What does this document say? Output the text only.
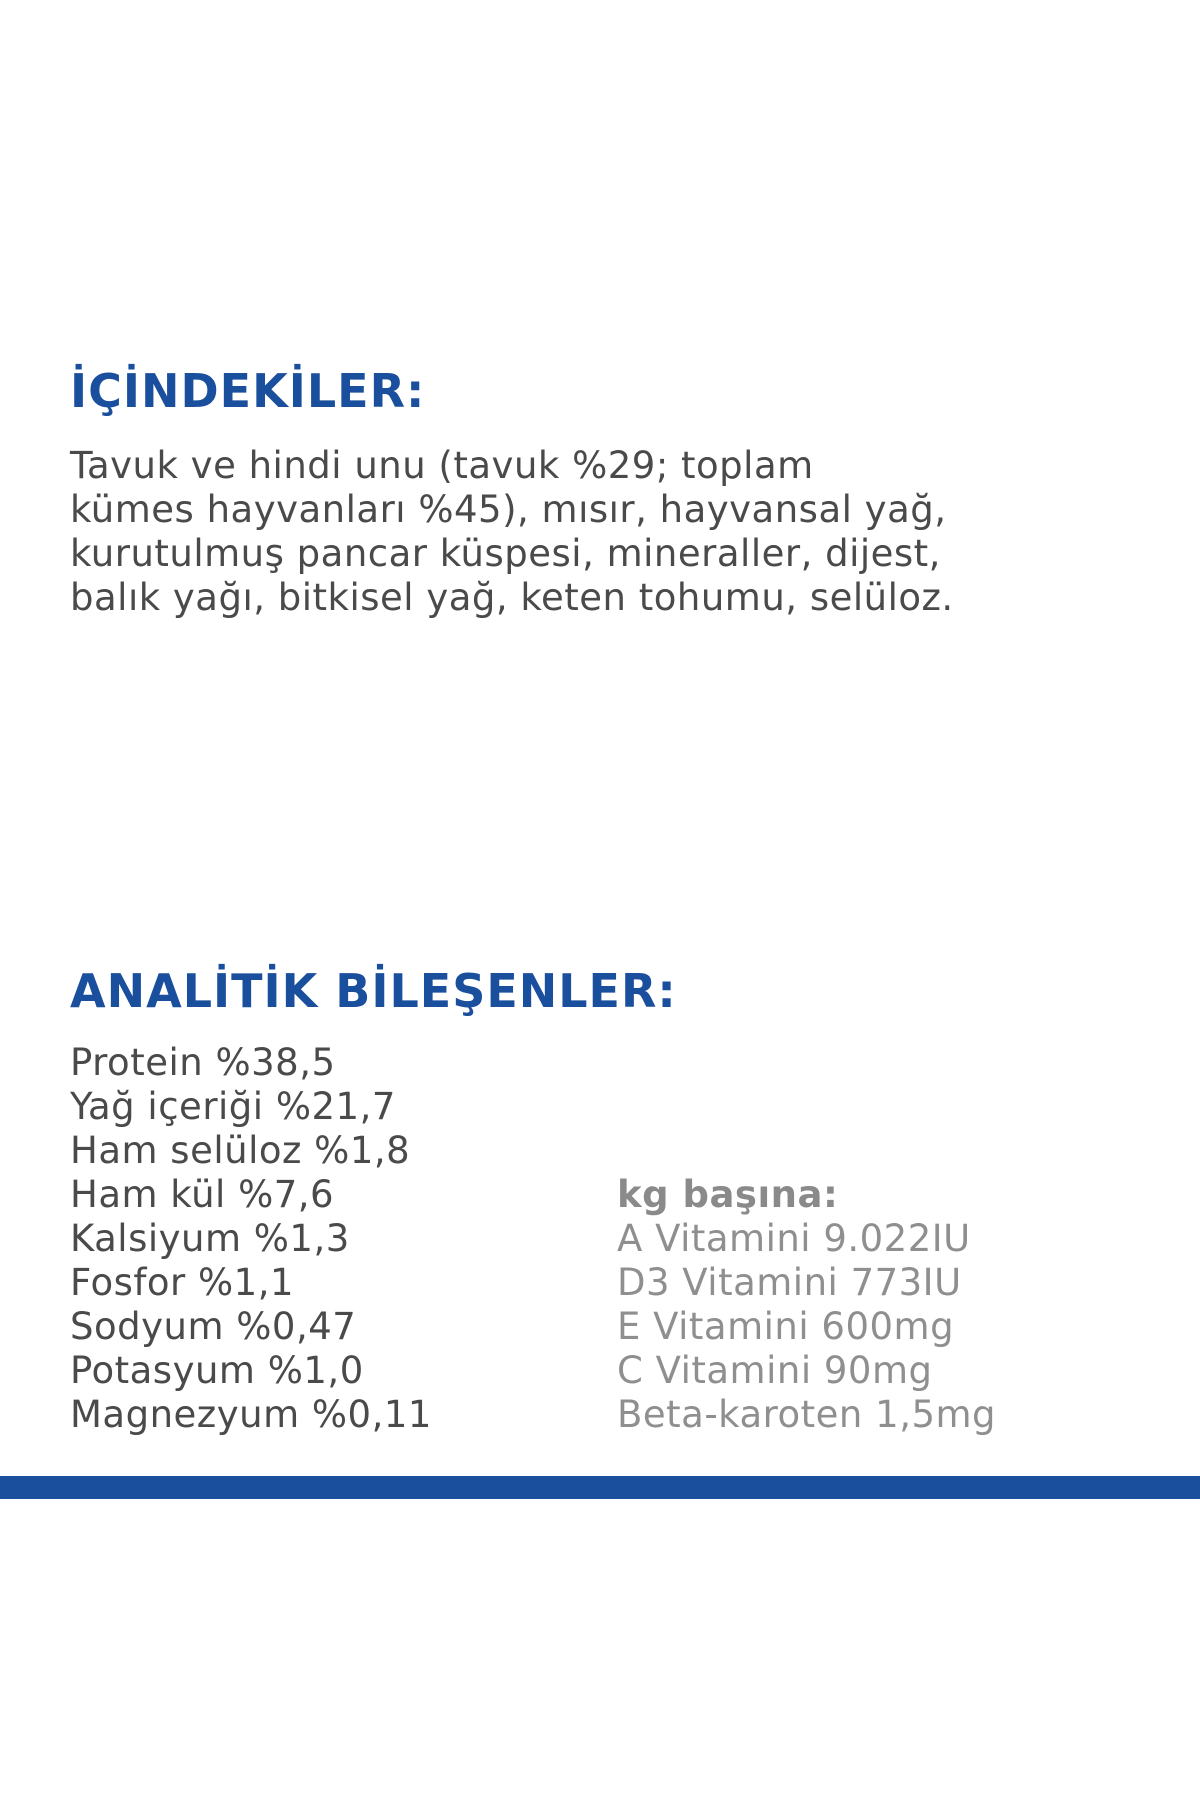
İÇİNDEKİLER:

Tavuk ve hindi unu (tavuk %29; toplam
kümes hayvanları %45), mısır, hayvansal yağ,
kurutulmuş pancar küspesi, mineraller, dijest,
balık yağı, bitkisel yağ, keten tohumu, selüloz.

ANALİTİK BİLEŞENLER:
Protein %38,5
Yağ içeriği %21,7
Ham selüloz %1,8
Ham kül %7,6
Kalsiyum %1,3
Fosfor %1,1
Sodyum %0,47
Potasyum %1,0
Magnezyum %0,11
kg başına:
A Vitamini 9.022IU
D3 Vitamini 773IU
E Vitamini 600mg
C Vitamini 90mg
Beta-karoten 1,5mg
